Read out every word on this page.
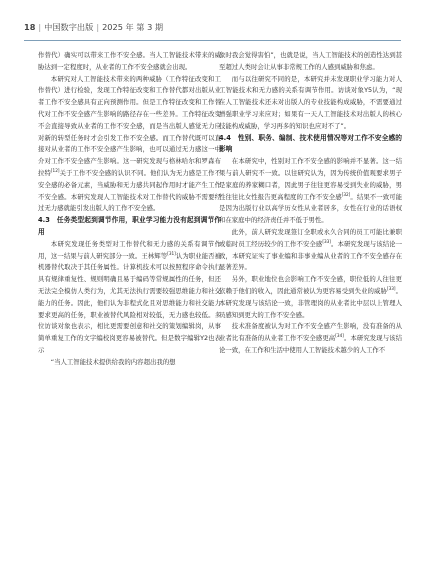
18 | 中国数字出版 | 2025 年 第 3 期

作替代）确实可以带来工作不安全感。当人工智能技术带来的威胁达到一定程度时，从业者的工作不安全感就会出现。

本研究对人工智能技术带来的两种威胁（工作特征改变和工作替代）进行检验，发现工作特征改变和工作替代都对出版从业者工作不安全感具有正向预测作用。但是工作特征改变和工作替代对工作不安全感产生影响的路径存在一些差异。工作特征改变不会直接导致从业者的工作不安全感，而是当出版人感觉无力应对新的转型任务时才会引发工作不安全感。而工作替代既可以直接对从业者的工作不安全感产生影响，也可以通过无力感这一中介对工作不安全感产生影响。这一研究发现与格林哈尔和罗森布拉特[12]关于工作不安全感的认识不同。他们认为无力感是工作不安全感的必备元素，当威胁和无力感共同起作用时才能产生工作不安全感。本研究发现人工智能技术对工作替代的威胁不需要经过无力感就能引发出版人的工作不安全感。

4.3　任务类型起到调节作用，职业学习能力没有起到调节作用

本研究发现任务类型对工作替代和无力感的关系有调节作用，这一结果与前人研究部分一致。王林辉等[31]认为职业能否被机器替代取决于其任务属性。计算机技术可以按照程序命令执行具有规律重复性、规则明确且易于编码等常规属性的任务，但还无法完全模仿人类行为，尤其无法执行需要较强思维能力和社交能力的任务。因此，他们认为非程式化且对思维能力和社交能力要求更高的任务，职业被替代风险相对较低，无力感也较低。多位访谈对象也表示，相比更需要创意和社交的策划编辑岗，从事简单重复工作的文字编校岗更容易被替代。但是数字编辑Y2也表示

“当人工智能技术提供给我的内容超出我的想

象时我会觉得害怕”，也就是说，当人工智能技术的创造性达到甚至超过人类时会让从事非常规工作的人感到威胁和焦虑。

而与以往研究不同的是，本研究并未发现职业学习能力对人工智能技术和无力感的关系有调节作用。访谈对象Y5认为，“现在人工智能技术还未对出版人的专业技能构成威胁，不需要通过增强职业学习来应对；如果有一天人工智能技术对出版人的核心技能构成威胁，学习再多的知识也应对不了”。

4.4　性别、职务、编制、技术使用情况等对工作不安全感的影响

在本研究中，性别对工作不安全感的影响并不显著。这一结果与前人研究不一致。以往研究认为，因为传统价值观要求男子是家庭的养家糊口者，因此男子往往更容易受到失业的威胁，男性往往比女性报告更高程度的工作不安全感[32]。结果不一致可能是因为出版行业以高学历女性从业者居多，女性在行业的话语权和在家庭中的经济责任并不低于男性。

此外，前人研究发现签订全职或永久合同的员工可能比兼职或临时员工经历较少的工作不安全感[33]。本研究发现与该结论一致，本研究证实了事业编和非事业编从业者的工作不安全感存在显著差异。

另外，职业地位也会影响工作不安全感，职位低的人往往更依赖于他们的收入，因此通常被认为更容易受到失业的威胁[33]。本研究发现与该结论一致，非管理岗的从业者比中层以上管理人员感知到更大的工作不安全感。

技术准备度被认为对工作不安全感产生影响，没有准备的从业者比有准备的从业者工作不安全感更高[34]。本研究发现与该结论一致，在工作和生活中使用人工智能技术越少的人工作不
